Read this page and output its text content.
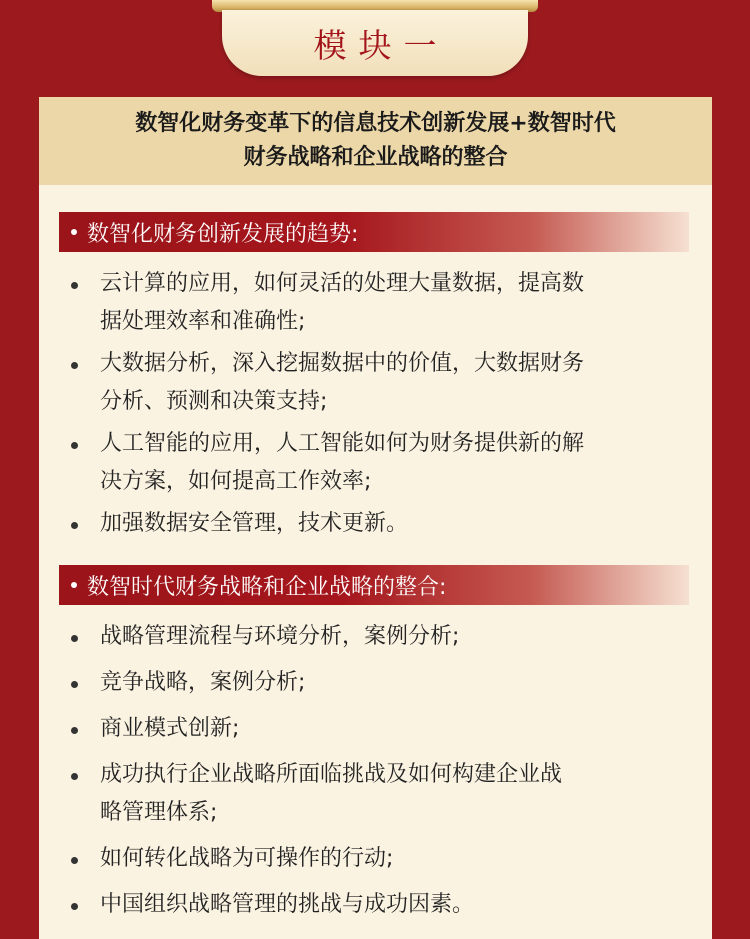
模块一
数智化财务变革下的信息技术创新发展+数智时代
财务战略和企业战略的整合
数智化财务创新发展的趋势:
云计算的应用，如何灵活的处理大量数据，提高数
据处理效率和准确性;
大数据分析，深入挖掘数据中的价值，大数据财务
分析、预测和决策支持;
人工智能的应用，人工智能如何为财务提供新的解
决方案，如何提高工作效率;
加强数据安全管理，技术更新。
数智时代财务战略和企业战略的整合:
战略管理流程与环境分析，案例分析;
竞争战略，案例分析;
商业模式创新;
成功执行企业战略所面临挑战及如何构建企业战
略管理体系;
如何转化战略为可操作的行动;
中国组织战略管理的挑战与成功因素。
